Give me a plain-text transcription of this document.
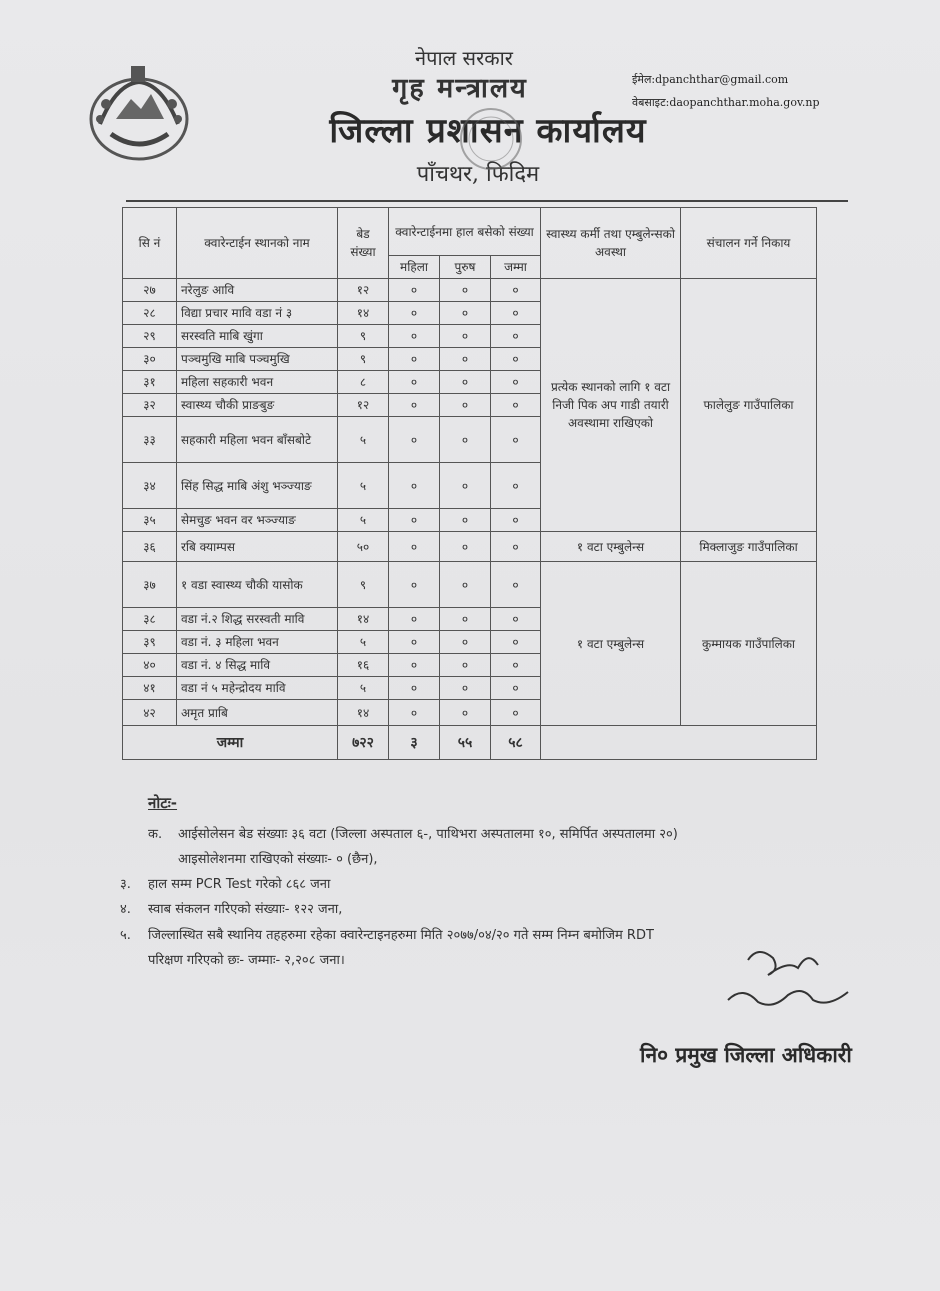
नेपाल सरकार
गृह मन्त्रालय
जिल्ला प्रशासन कार्यालय
पाँचथर, फिदिम
ईमेल:dpanchthar@gmail.com
वेबसाइट:daopanchthar.moha.gov.np
सि नं	क्वारेन्टाईन स्थानको नाम	बेड संख्या	क्वारेन्टाईनमा हाल बसेको संख्या			स्वास्थ्य कर्मी तथा एम्बुलेन्सको अवस्था	संचालन गर्ने निकाय
			महिला	पुरुष	जम्मा		
२७	नरेलुङ आवि	१२	०	०	०	प्रत्येक स्थानको लागि १ वटा निजी पिक अप गाडी तयारी अवस्थामा राखिएको	फालेलुङ गाउँपालिका
२८	विद्या प्रचार मावि वडा नं ३	१४	०	०	०		
२९	सरस्वति माबि खुंगा	९	०	०	०		
३०	पञ्चमुखि माबि पञ्चमुखि	९	०	०	०		
३१	महिला सहकारी भवन	८	०	०	०		
३२	स्वास्थ्य चौकी प्राङबुङ	१२	०	०	०		
३३	सहकारी महिला भवन बाँसबोटे	५	०	०	०		
३४	सिंह सिद्ध माबि अंशु भञ्ज्याङ	५	०	०	०		
३५	सेमचुङ भवन वर भञ्ज्याङ	५	०	०	०		
३६	रबि क्याम्पस	५०	०	०	०	१ वटा एम्बुलेन्स	मिक्लाजुङ गाउँपालिका
३७	१ वडा स्वास्थ्य चौकी यासोक	९	०	०	०	१ वटा एम्बुलेन्स	कुम्मायक गाउँपालिका
३८	वडा नं.२ शिद्ध सरस्वती मावि	१४	०	०	०		
३९	वडा नं. ३ महिला भवन	५	०	०	०		
४०	वडा नं. ४ सिद्ध मावि	१६	०	०	०		
४१	वडा नं ५ महेन्द्रोदय मावि	५	०	०	०		
४२	अमृत प्राबि	१४	०	०	०		
जम्मा		७२२	३	५५	५८		
नोटः-
क. आईसोलेसन बेड संख्याः ३६ वटा (जिल्ला अस्पताल ६-, पाथिभरा अस्पतालमा १०, समिर्पित अस्पतालमा २०)
आइसोलेशनमा राखिएको संख्याः- ० (छैन),
३. हाल सम्म PCR Test गरेको ८६८ जना
४. स्वाब संकलन गरिएको संख्याः- १२२ जना,
५. जिल्लास्थित सबै स्थानिय तहहरुमा रहेका क्वारेन्टाइनहरुमा मिति २०७७/०४/२० गते सम्म निम्न बमोजिम RDT
परिक्षण गरिएको छः- जम्माः- २,२०८ जना।
नि० प्रमुख जिल्ला अधिकारी
